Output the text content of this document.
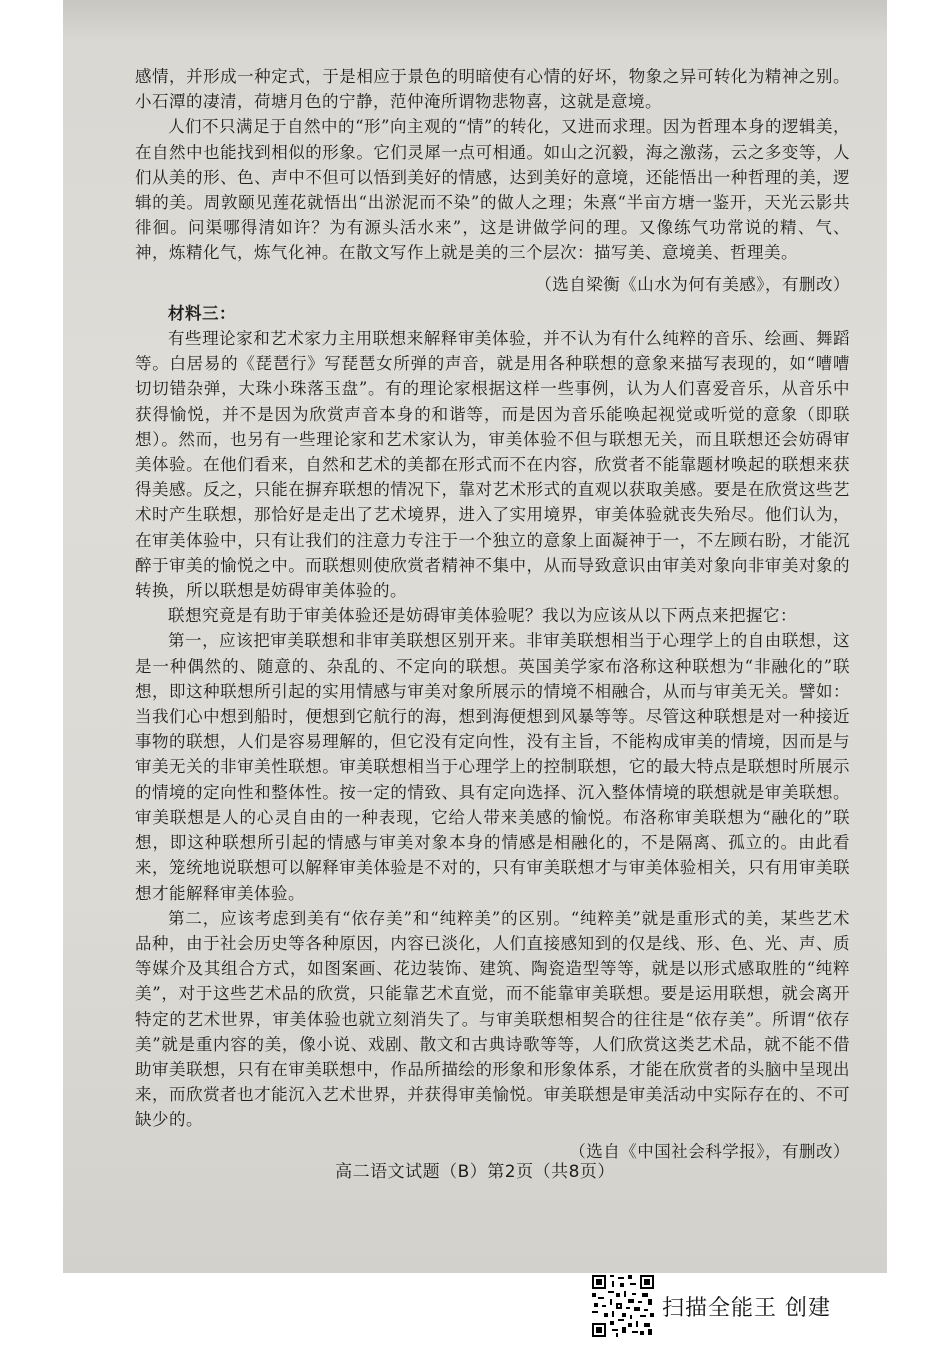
感情，并形成一种定式，于是相应于景色的明暗使有心情的好坏，物象之异可转化为精神之别。小石潭的凄清，荷塘月色的宁静，范仲淹所谓物悲物喜，这就是意境。

人们不只满足于自然中的“形”向主观的“情”的转化，又进而求理。因为哲理本身的逻辑美，在自然中也能找到相似的形象。它们灵犀一点可相通。如山之沉毅，海之激荡，云之多变等，人们从美的形、色、声中不但可以悟到美好的情感，达到美好的意境，还能悟出一种哲理的美，逻辑的美。周敦颐见莲花就悟出“出淤泥而不染”的做人之理；朱熹“半亩方塘一鉴开，天光云影共徘徊。问渠哪得清如许？为有源头活水来”，这是讲做学问的理。又像练气功常说的精、气、神，炼精化气，炼气化神。在散文写作上就是美的三个层次：描写美、意境美、哲理美。

（选自梁衡《山水为何有美感》，有删改）

材料三：

有些理论家和艺术家力主用联想来解释审美体验，并不认为有什么纯粹的音乐、绘画、舞蹈等。白居易的《琵琶行》写琵琶女所弹的声音，就是用各种联想的意象来描写表现的，如“嘈嘈切切错杂弹，大珠小珠落玉盘”。有的理论家根据这样一些事例，认为人们喜爱音乐，从音乐中获得愉悦，并不是因为欣赏声音本身的和谐等，而是因为音乐能唤起视觉或听觉的意象（即联想）。然而，也另有一些理论家和艺术家认为，审美体验不但与联想无关，而且联想还会妨碍审美体验。在他们看来，自然和艺术的美都在形式而不在内容，欣赏者不能靠题材唤起的联想来获得美感。反之，只能在摒弃联想的情况下，靠对艺术形式的直观以获取美感。要是在欣赏这些艺术时产生联想，那恰好是走出了艺术境界，进入了实用境界，审美体验就丧失殆尽。他们认为，在审美体验中，只有让我们的注意力专注于一个独立的意象上面凝神于一，不左顾右盼，才能沉醉于审美的愉悦之中。而联想则使欣赏者精神不集中，从而导致意识由审美对象向非审美对象的转换，所以联想是妨碍审美体验的。

联想究竟是有助于审美体验还是妨碍审美体验呢？我以为应该从以下两点来把握它：

第一，应该把审美联想和非审美联想区别开来。非审美联想相当于心理学上的自由联想，这是一种偶然的、随意的、杂乱的、不定向的联想。英国美学家布洛称这种联想为“非融化的”联想，即这种联想所引起的实用情感与审美对象所展示的情境不相融合，从而与审美无关。譬如：当我们心中想到船时，便想到它航行的海，想到海便想到风暴等等。尽管这种联想是对一种接近事物的联想，人们是容易理解的，但它没有定向性，没有主旨，不能构成审美的情境，因而是与审美无关的非审美性联想。审美联想相当于心理学上的控制联想，它的最大特点是联想时所展示的情境的定向性和整体性。按一定的情致、具有定向选择、沉入整体情境的联想就是审美联想。审美联想是人的心灵自由的一种表现，它给人带来美感的愉悦。布洛称审美联想为“融化的”联想，即这种联想所引起的情感与审美对象本身的情感是相融化的，不是隔离、孤立的。由此看来，笼统地说联想可以解释审美体验是不对的，只有审美联想才与审美体验相关，只有用审美联想才能解释审美体验。

第二，应该考虑到美有“依存美”和“纯粹美”的区别。“纯粹美”就是重形式的美，某些艺术品种，由于社会历史等各种原因，内容已淡化，人们直接感知到的仅是线、形、色、光、声、质等媒介及其组合方式，如图案画、花边装饰、建筑、陶瓷造型等等，就是以形式感取胜的“纯粹美”，对于这些艺术品的欣赏，只能靠艺术直觉，而不能靠审美联想。要是运用联想，就会离开特定的艺术世界，审美体验也就立刻消失了。与审美联想相契合的往往是“依存美”。所谓“依存美”就是重内容的美，像小说、戏剧、散文和古典诗歌等等，人们欣赏这类艺术品，就不能不借助审美联想，只有在审美联想中，作品所描绘的形象和形象体系，才能在欣赏者的头脑中呈现出来，而欣赏者也才能沉入艺术世界，并获得审美愉悦。审美联想是审美活动中实际存在的、不可缺少的。

（选自《中国社会科学报》，有删改）

高二语文试题（B）第2页（共8页）
扫描全能王 创建
